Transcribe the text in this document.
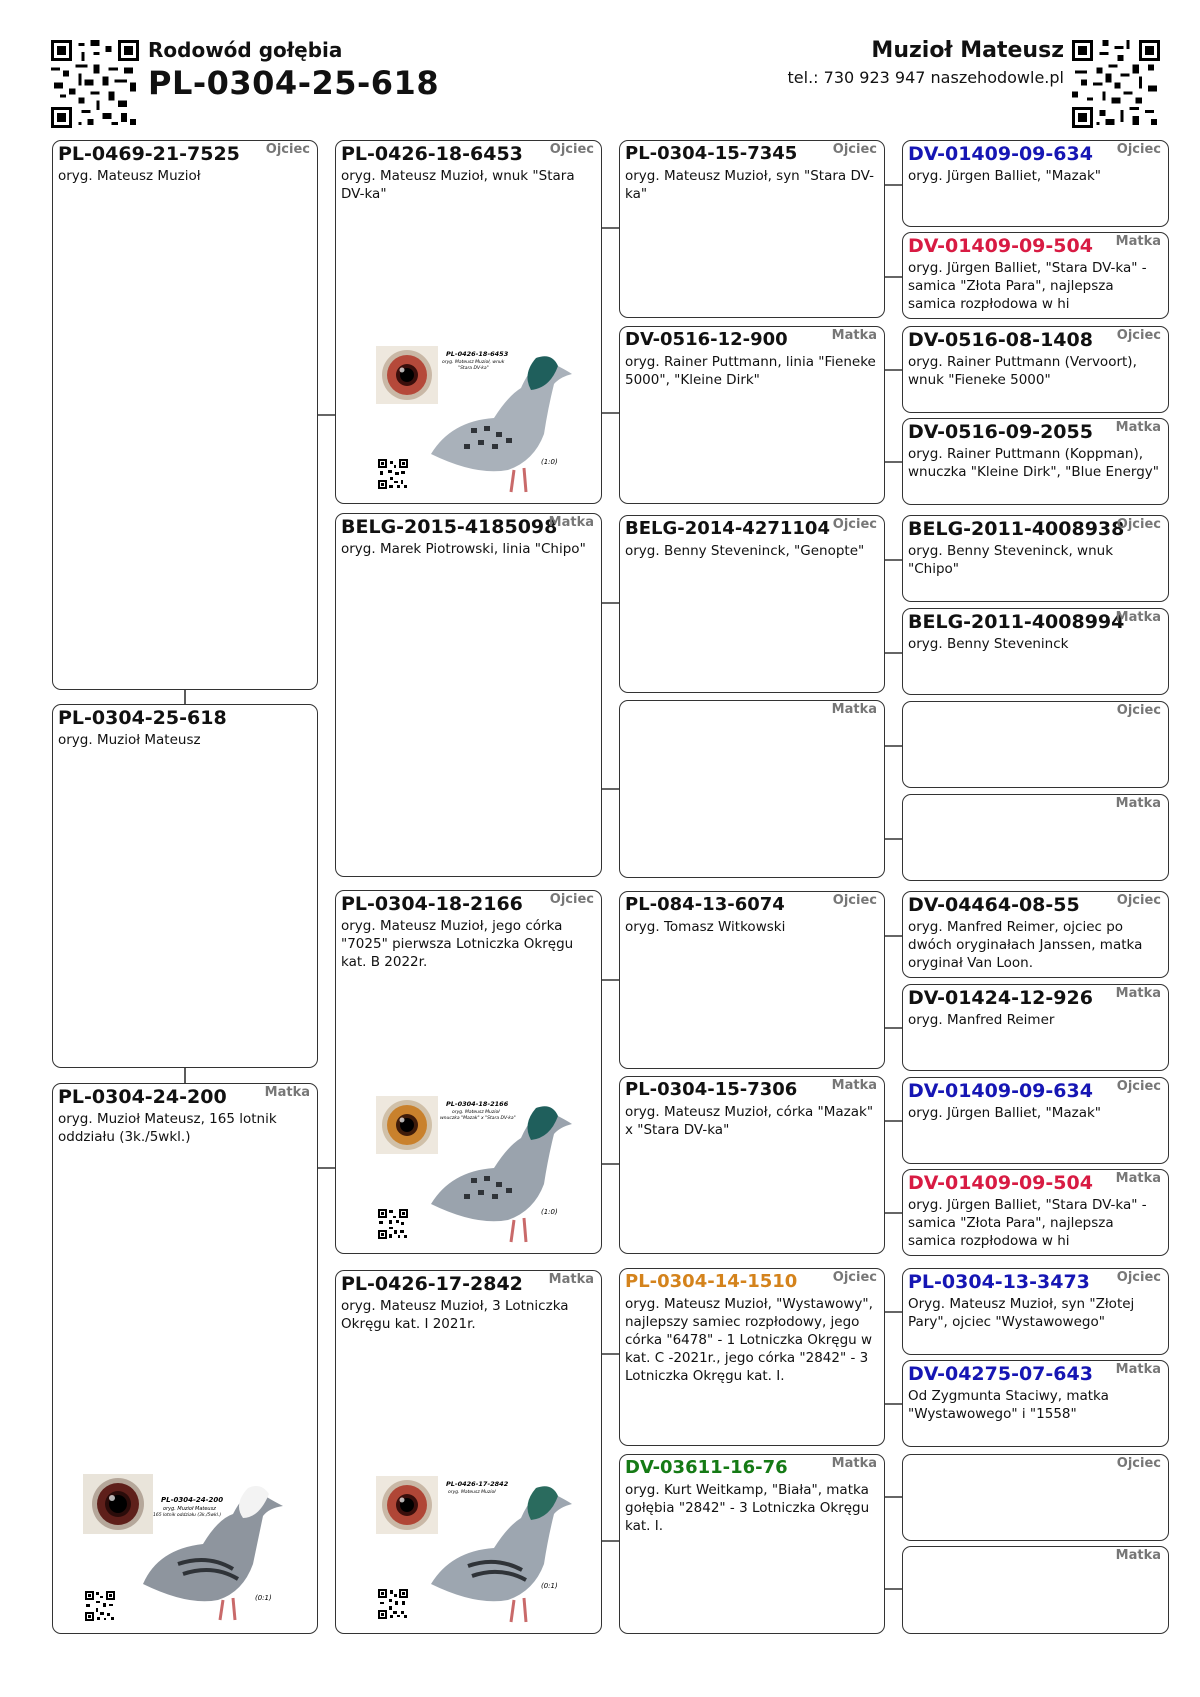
Rodowód gołębia
PL-0304-25-618
Muzioł Mateusz
tel.: 730 923 947 naszehodowle.pl
PL-0469-21-7525 Ojciec
oryg. Mateusz Muzioł
PL-0304-25-618
oryg. Muzioł Mateusz
PL-0304-24-200	Matka
oryg. Muzioł Mateusz, 165 lotnik oddziału (3k./5wkl.)
PL-0304-24-200
oryg. Muzioł Mateusz
165 lotnik oddziału (3k./5wkl.)
(0:1)
PL-0426-18-6453 Ojciec
oryg. Mateusz Muzioł, wnuk "Stara DV-ka"
PL-0426-18-6453
oryg. Mateusz Muzioł, wnuk
"Stara DV-ka"
(1:0)
BELG-2015-4185098
Matka
oryg. Marek Piotrowski, linia "Chipo"
PL-0304-18-2166 Ojciec
oryg. Mateusz Muzioł, jego córka "7025" pierwsza Lotniczka Okręgu kat. B 2022r.
PL-0304-18-2166
oryg. Mateusz Muzioł
wnuczka "Mazak" x "Stara DV-ka"
(1:0)
PL-0426-17-2842 Matka
oryg. Mateusz Muzioł, 3 Lotniczka Okręgu kat. I 2021r.
PL-0426-17-2842
oryg. Mateusz Muzioł
(0:1)
PL-0304-15-7345	Ojciec
oryg. Mateusz Muzioł, syn "Stara DV-ka"
DV-0516-12-900	Matka
oryg. Rainer Puttmann, linia "Fieneke 5000", "Kleine Dirk"
BELG-2014-4271104 Ojciec
oryg. Benny Steveninck, "Genopte"
Matka
PL-084-13-6074	Ojciec
oryg. Tomasz Witkowski
PL-0304-15-7306	Matka
oryg. Mateusz Muzioł, córka "Mazak" x "Stara DV-ka"
PL-0304-14-1510	Ojciec
oryg. Mateusz Muzioł, "Wystawowy", najlepszy samiec rozpłodowy, jego córka "6478" - 1 Lotniczka Okręgu w kat. C -2021r., jego córka "2842" - 3 Lotniczka Okręgu kat. I.
DV-03611-16-76	Matka
oryg. Kurt Weitkamp, "Biała", matka gołębia "2842" - 3 Lotniczka Okręgu kat. I.
DV-01409-09-634 Ojciec
oryg. Jürgen Balliet, "Mazak"
DV-01409-09-504 Matka
oryg. Jürgen Balliet, "Stara DV-ka" - samica "Złota Para", najlepsza samica rozpłodowa w hi
DV-0516-08-1408 Ojciec
oryg. Rainer Puttmann (Vervoort), wnuk "Fieneke 5000"
DV-0516-09-2055 Matka
oryg. Rainer Puttmann (Koppman), wnuczka "Kleine Dirk", "Blue Energy"
BELG-2011-4008938
Ojciec
oryg. Benny Steveninck, wnuk "Chipo"
BELG-2011-4008994
Matka
oryg. Benny Steveninck
Ojciec
Matka
DV-04464-08-55	Ojciec
oryg. Manfred Reimer, ojciec po dwóch oryginałach Janssen, matka oryginał Van Loon.
DV-01424-12-926 Matka
oryg. Manfred Reimer
DV-01409-09-634 Ojciec
oryg. Jürgen Balliet, "Mazak"
DV-01409-09-504 Matka
oryg. Jürgen Balliet, "Stara DV-ka" - samica "Złota Para", najlepsza samica rozpłodowa w hi
PL-0304-13-3473 Ojciec
Oryg. Mateusz Muzioł, syn "Złotej Pary", ojciec "Wystawowego"
DV-04275-07-643 Matka
Od Zygmunta Staciwy, matka "Wystawowego" i "1558"
Ojciec
Matka
